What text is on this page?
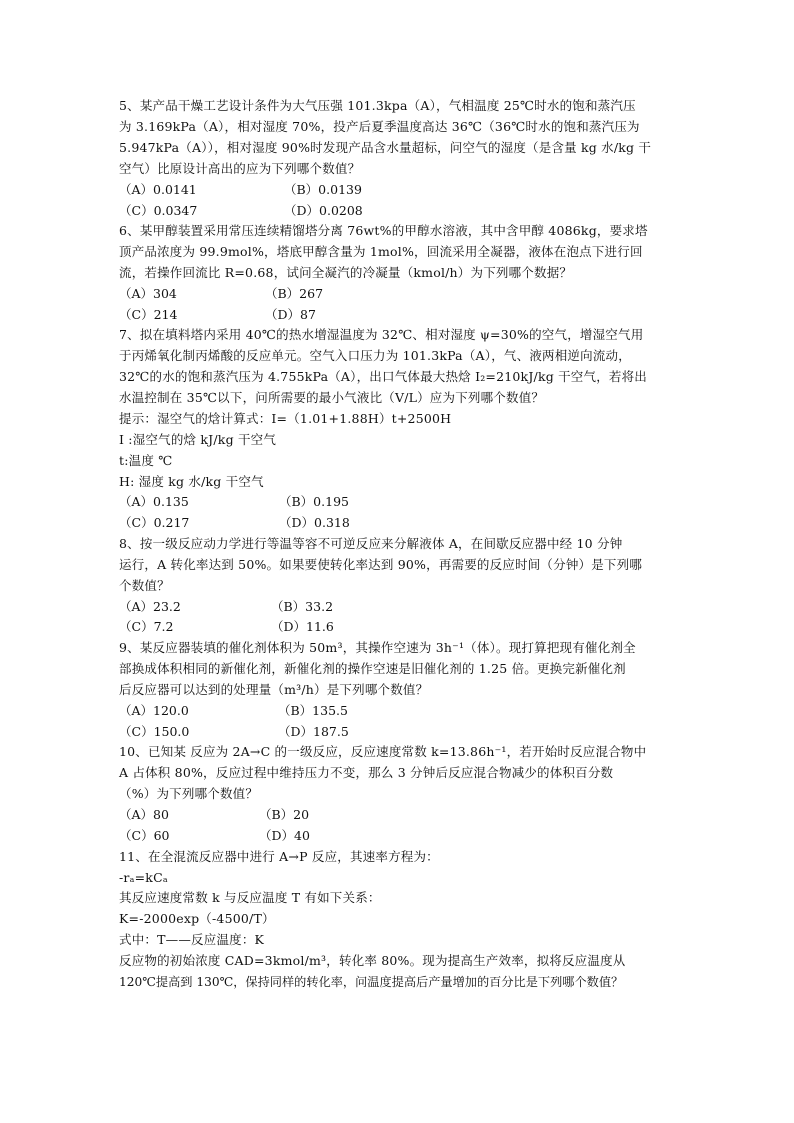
5、某产品干燥工艺设计条件为大气压强 101.3kpa（A），气相温度 25℃时水的饱和蒸汽压
为 3.169kPa（A），相对湿度 70%，投产后夏季温度高达 36℃（36℃时水的饱和蒸汽压为
5.947kPa（A）），相对湿度 90%时发现产品含水量超标，问空气的湿度（是含量 kg 水/kg 干
空气）比原设计高出的应为下列哪个数值？
（A）0.0141	（B）0.0139
（C）0.0347	（D）0.0208
6、某甲醇装置采用常压连续精馏塔分离 76wt%的甲醇水溶液，其中含甲醇 4086kg，要求塔
顶产品浓度为 99.9mol%，塔底甲醇含量为 1mol%，回流采用全凝器，液体在泡点下进行回
流，若操作回流比 R=0.68，试问全凝汽的冷凝量（kmol/h）为下列哪个数据？
（A）304	（B）267
（C）214	（D）87
7、拟在填料塔内采用 40℃的热水增湿温度为 32℃、相对湿度 ψ=30%的空气，增湿空气用
于丙烯氧化制丙烯酸的反应单元。空气入口压力为 101.3kPa（A），气、液两相逆向流动，
32℃的水的饱和蒸汽压为 4.755kPa（A），出口气体最大热焓 I₂=210kJ/kg 干空气，若将出
水温控制在 35℃以下，问所需要的最小气液比（V/L）应为下列哪个数值？
提示：湿空气的焓计算式：I=（1.01+1.88H）t+2500H
I :湿空气的焓 kJ/kg 干空气
t:温度 ℃
H: 湿度 kg 水/kg 干空气
（A）0.135	（B）0.195
（C）0.217	（D）0.318
8、按一级反应动力学进行等温等容不可逆反应来分解液体 A，在间歇反应器中经 10 分钟
运行，A 转化率达到 50%。如果要使转化率达到 90%，再需要的反应时间（分钟）是下列哪
个数值？
（A）23.2	（B）33.2
（C）7.2	（D）11.6
9、某反应器装填的催化剂体积为 50m³，其操作空速为 3h⁻¹（体）。现打算把现有催化剂全
部换成体积相同的新催化剂，新催化剂的操作空速是旧催化剂的 1.25 倍。更换完新催化剂
后反应器可以达到的处理量（m³/h）是下列哪个数值？
（A）120.0	（B）135.5
（C）150.0	（D）187.5
10、已知某 反应为 2A→C 的一级反应，反应速度常数 k=13.86h⁻¹，若开始时反应混合物中
A 占体积 80%，反应过程中维持压力不变，那么 3 分钟后反应混合物减少的体积百分数
（%）为下列哪个数值？
（A）80	（B）20
（C）60	（D）40
11、在全混流反应器中进行 A→P 反应，其速率方程为：
-rₐ=kCₐ
其反应速度常数 k 与反应温度 T 有如下关系：
K=-2000exp（-4500/T）
式中：T——反应温度：K
反应物的初始浓度 CAD=3kmol/m³，转化率 80%。现为提高生产效率，拟将反应温度从
120℃提高到 130℃，保持同样的转化率，问温度提高后产量增加的百分比是下列哪个数值？
